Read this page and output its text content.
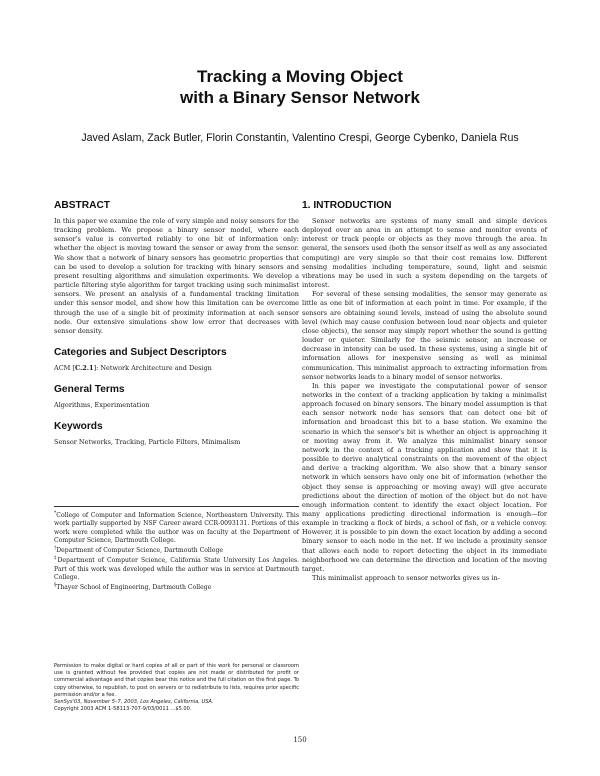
Tracking a Moving Object
with a Binary Sensor Network
Javed Aslam, Zack Butler, Florin Constantin, Valentino Crespi, George Cybenko, Daniela Rus
ABSTRACT

In this paper we examine the role of very simple and noisy sensors for the tracking problem. We propose a binary sensor model, where each sensor's value is converted reliably to one bit of information only: whether the object is moving toward the sensor or away from the sensor. We show that a network of binary sensors has geometric properties that can be used to develop a solution for tracking with binary sensors and present resulting algorithms and simulation experiments. We develop a particle filtering style algorithm for target tracking using such minimalist sensors. We present an analysis of a fundamental tracking limitation under this sensor model, and show how this limitation can be overcome through the use of a single bit of proximity information at each sensor node. Our extensive simulations show low error that decreases with sensor density.

Categories and Subject Descriptors

ACM [C.2.1]: Network Architecture and Design

General Terms

Algorithms, Experimentation

Keywords

Sensor Networks, Tracking, Particle Filters, Minimalism

*College of Computer and Information Science, Northeastern University. This work partially supported by NSF Career award CCR-0093131. Portions of this work were completed while the author was on faculty at the Department of Computer Science, Dartmouth College.

†Department of Computer Science, Dartmouth College

‡Department of Computer Science, California State University Los Angeles. Part of this work was developed while the author was in service at Dartmouth College.

§Thayer School of Engineering, Dartmouth College

Permission to make digital or hard copies of all or part of this work for personal or classroom use is granted without fee provided that copies are not made or distributed for profit or commercial advantage and that copies bear this notice and the full citation on the first page. To copy otherwise, to republish, to post on servers or to redistribute to lists, requires prior specific permission and/or a fee.

SenSys'03, November 5–7, 2003, Los Angeles, California, USA.

Copyright 2003 ACM 1-58113-707-9/03/0011 ...$5.00.

1. INTRODUCTION

Sensor networks are systems of many small and simple devices deployed over an area in an attempt to sense and monitor events of interest or track people or objects as they move through the area. In general, the sensors used (both the sensor itself as well as any associated computing) are very simple so that their cost remains low. Different sensing modalities including temperature, sound, light and seismic vibrations may be used in such a system depending on the targets of interest.

For several of these sensing modalities, the sensor may generate as little as one bit of information at each point in time. For example, if the sensors are obtaining sound levels, instead of using the absolute sound level (which may cause confusion between loud near objects and quieter close objects), the sensor may simply report whether the sound is getting louder or quieter. Similarly for the seismic sensor, an increase or decrease in intensity can be used. In these systems, using a single bit of information allows for inexpensive sensing as well as minimal communication. This minimalist approach to extracting information from sensor networks leads to a binary model of sensor networks.

In this paper we investigate the computational power of sensor networks in the context of a tracking application by taking a minimalist approach focused on binary sensors. The binary model assumption is that each sensor network node has sensors that can detect one bit of information and broadcast this bit to a base station. We examine the scenario in which the sensor's bit is whether an object is approaching it or moving away from it. We analyze this minimalist binary sensor network in the context of a tracking application and show that it is possible to derive analytical constraints on the movement of the object and derive a tracking algorithm. We also show that a binary sensor network in which sensors have only one bit of information (whether the object they sense is approaching or moving away) will give accurate predictions about the direction of motion of the object but do not have enough information content to identify the exact object location. For many applications predicting directional information is enough—for example in tracking a flock of birds, a school of fish, or a vehicle convoy. However, it is possible to pin down the exact location by adding a second binary sensor to each node in the net. If we include a proximity sensor that allows each node to report detecting the object in its immediate neighborhood we can determine the direction and location of the moving target.

This minimalist approach to sensor networks gives us in-

150
